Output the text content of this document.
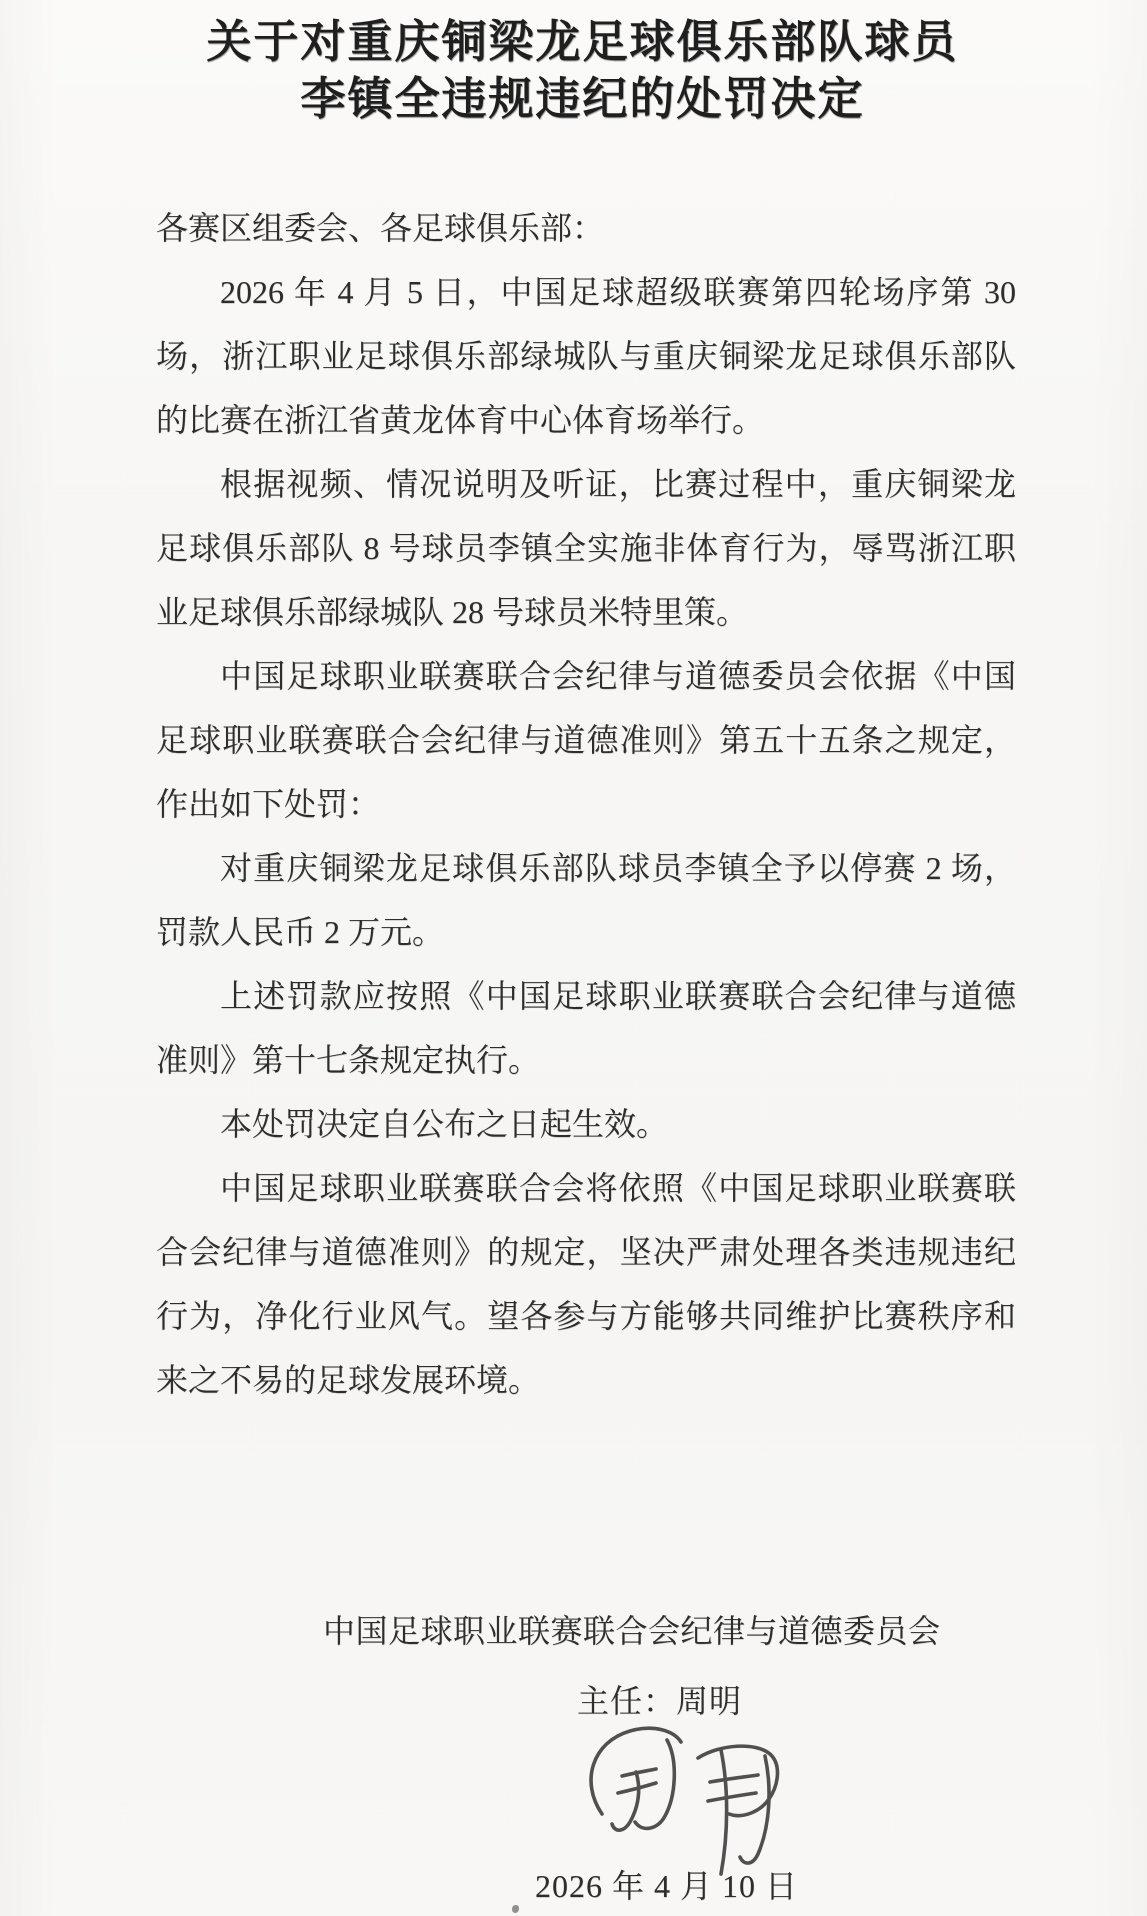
关于对重庆铜梁龙足球俱乐部队球员
李镇全违规违纪的处罚决定

各赛区组委会、各足球俱乐部：

2026 年 4 月 5 日，中国足球超级联赛第四轮场序第 30 场，浙江职业足球俱乐部绿城队与重庆铜梁龙足球俱乐部队的比赛在浙江省黄龙体育中心体育场举行。

根据视频、情况说明及听证，比赛过程中，重庆铜梁龙足球俱乐部队 8 号球员李镇全实施非体育行为，辱骂浙江职业足球俱乐部绿城队 28 号球员米特里策。

中国足球职业联赛联合会纪律与道德委员会依据《中国足球职业联赛联合会纪律与道德准则》第五十五条之规定，作出如下处罚：

对重庆铜梁龙足球俱乐部队球员李镇全予以停赛 2 场，罚款人民币 2 万元。

上述罚款应按照《中国足球职业联赛联合会纪律与道德准则》第十七条规定执行。

本处罚决定自公布之日起生效。

中国足球职业联赛联合会将依照《中国足球职业联赛联合会纪律与道德准则》的规定，坚决严肃处理各类违规违纪行为，净化行业风气。望各参与方能够共同维护比赛秩序和来之不易的足球发展环境。

中国足球职业联赛联合会纪律与道德委员会
主任：周明
2026 年 4 月 10 日
